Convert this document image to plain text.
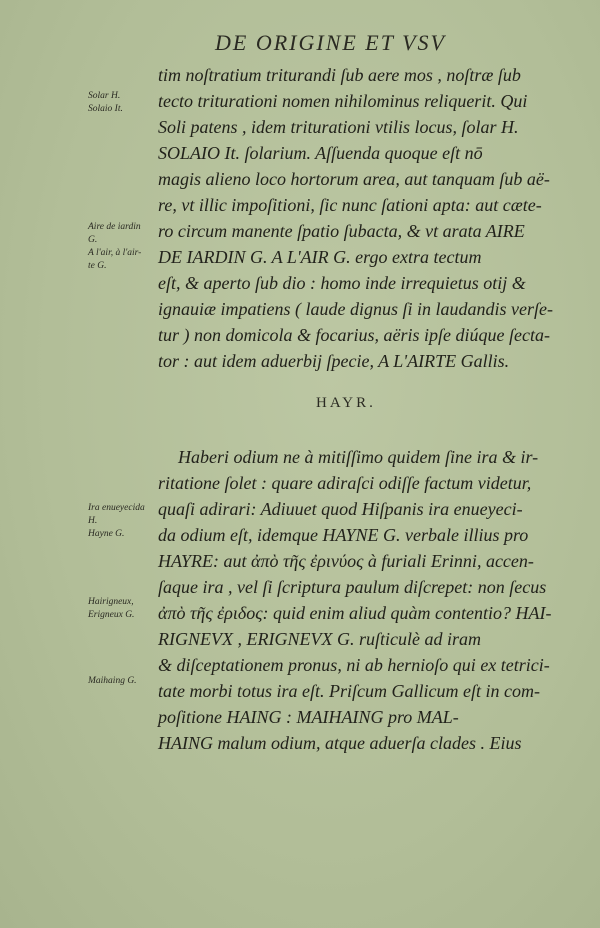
DE ORIGINE ET VSV
Solar H.
Solaio It.
Aire de iardin
G.
A l'air, à l'air-
te G.
Ira enueyecida
H.
Hayne G.
Hairigneux,
Erigneux G.
Maihaing G.
tim noſtratium triturandi ſub aere mos , noſtræ ſub
tecto triturationi nomen nihilominus reliquerit. Qui
Soli patens , idem triturationi vtilis locus, ſolar H.
SOLAIO It. ſolarium. Aſſuenda quoque eſt nō
magis alieno loco hortorum area, aut tanquam ſub aë-
re, vt illic impoſitioni, ſic nunc ſationi apta: aut cæte-
ro circum manente ſpatio ſubacta, & vt arata AIRE
DE IARDIN G. A L'AIR G. ergo extra tectum
eſt, & aperto ſub dio : homo inde irrequietus otij &
ignauiæ impatiens ( laude dignus ſi in laudandis verſe-
tur ) non domicola & focarius, aëris ipſe diúque ſecta-
tor : aut idem aduerbij ſpecie, A L'AIRTE Gallis.
HAYR.
Haberi odium ne à mitiſſimo quidem ſine ira & ir-
ritatione ſolet : quare adiraſci odiſſe factum videtur,
quaſi adirari: Adiuuet quod Hiſpanis ira enueyeci-
da odium eſt, idemque HAYNE G. verbale illius pro
HAYRE: aut ἀπὸ τῆς ἐρινύος à furiali Erinni, accen-
ſaque ira , vel ſi ſcriptura paulum diſcrepet: non ſecus
ἀπὸ τῆς ἐριδος: quid enim aliud quàm contentio? HAI-
RIGNEVX , ERIGNEVX G. ruſticulè ad iram
& diſceptationem pronus, ni ab hernioſo qui ex tetrici-
tate morbi totus ira eſt. Priſcum Gallicum eſt in com-
poſitione HAING : MAIHAING pro MAL-
HAING malum odium, atque aduerſa clades . Eius
